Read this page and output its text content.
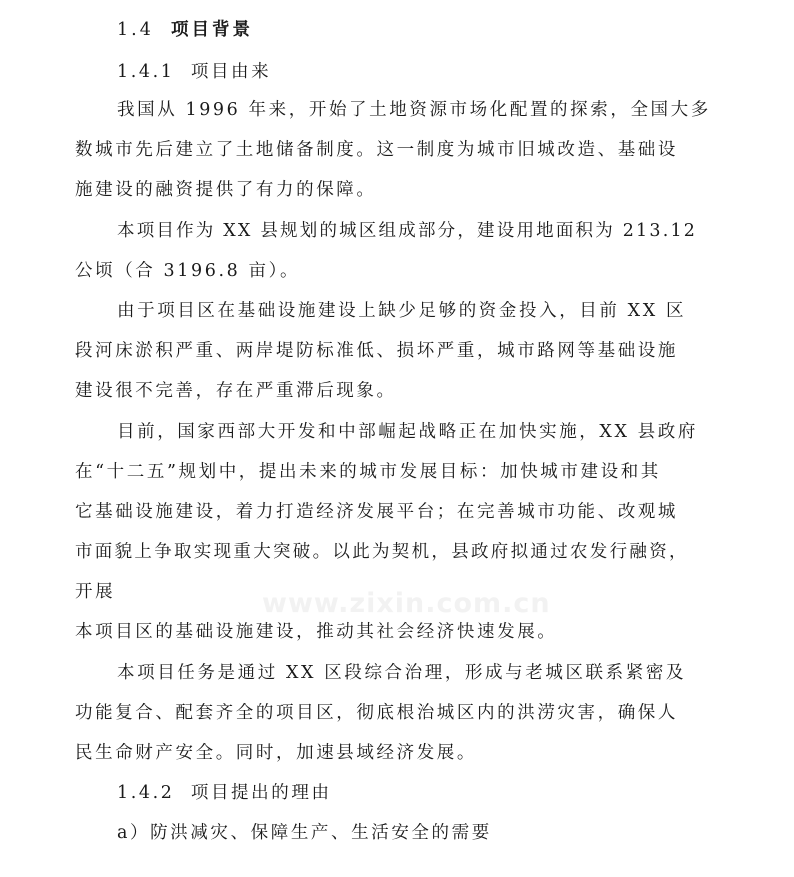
1.4 项目背景
1.4.1 项目由来
我国从 1996 年来，开始了土地资源市场化配置的探索，全国大多
数城市先后建立了土地储备制度。这一制度为城市旧城改造、基础设
施建设的融资提供了有力的保障。
本项目作为 XX 县规划的城区组成部分，建设用地面积为 213.12
公顷（合 3196.8 亩）。
由于项目区在基础设施建设上缺少足够的资金投入，目前 XX 区
段河床淤积严重、两岸堤防标准低、损坏严重，城市路网等基础设施
建设很不完善，存在严重滞后现象。
目前，国家西部大开发和中部崛起战略正在加快实施，XX 县政府
在“十二五”规划中，提出未来的城市发展目标：加快城市建设和其
它基础设施建设，着力打造经济发展平台；在完善城市功能、改观城
市面貌上争取实现重大突破。以此为契机，县政府拟通过农发行融资，
开展
本项目区的基础设施建设，推动其社会经济快速发展。
本项目任务是通过 XX 区段综合治理，形成与老城区联系紧密及
功能复合、配套齐全的项目区，彻底根治城区内的洪涝灾害，确保人
民生命财产安全。同时，加速县域经济发展。
1.4.2 项目提出的理由
a）防洪减灾、保障生产、生活安全的需要
www.zixin.com.cn
